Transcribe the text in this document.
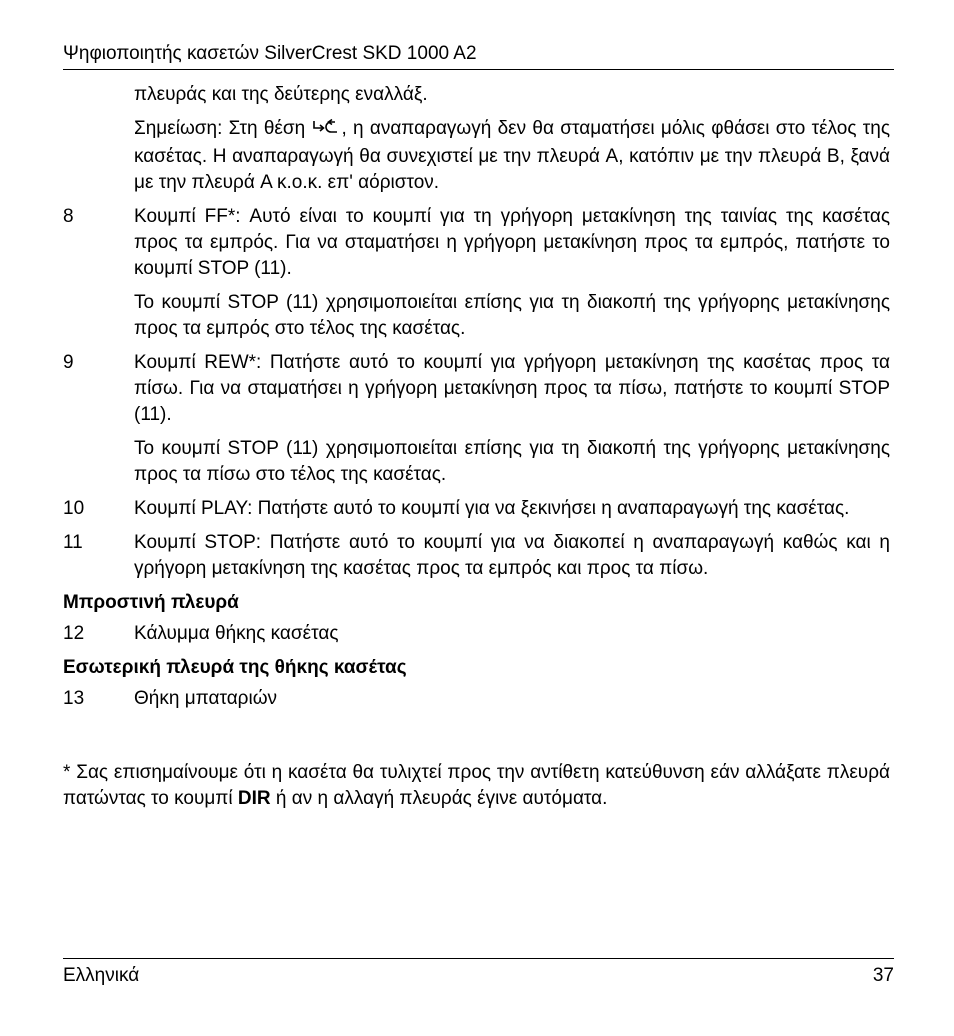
Ψηφιοποιητής κασετών SilverCrest SKD 1000 A2
πλευράς και της δεύτερης εναλλάξ.
Σημείωση: Στη θέση , η αναπαραγωγή δεν θα σταματήσει μόλις φθάσει στο τέλος της κασέτας. Η αναπαραγωγή θα συνεχιστεί με την πλευρά A, κατόπιν με την πλευρά B, ξανά με την πλευρά A κ.ο.κ. επ' αόριστον.
8	Κουμπί FF*: Αυτό είναι το κουμπί για τη γρήγορη μετακίνηση της ταινίας της κασέτας προς τα εμπρός. Για να σταματήσει η γρήγορη μετακίνηση προς τα εμπρός, πατήστε το κουμπί STOP (11).
Το κουμπί STOP (11) χρησιμοποιείται επίσης για τη διακοπή της γρήγορης μετακίνησης προς τα εμπρός στο τέλος της κασέτας.
9	Κουμπί REW*: Πατήστε αυτό το κουμπί για γρήγορη μετακίνηση της κασέτας προς τα πίσω. Για να σταματήσει η γρήγορη μετακίνηση προς τα πίσω, πατήστε το κουμπί STOP (11).
Το κουμπί STOP (11) χρησιμοποιείται επίσης για τη διακοπή της γρήγορης μετακίνησης προς τα πίσω στο τέλος της κασέτας.
10	Κουμπί PLAY: Πατήστε αυτό το κουμπί για να ξεκινήσει η αναπαραγωγή της κασέτας.
11	Κουμπί STOP: Πατήστε αυτό το κουμπί για να διακοπεί η αναπαραγωγή καθώς και η γρήγορη μετακίνηση της κασέτας προς τα εμπρός και προς τα πίσω.
Μπροστινή πλευρά
12	Κάλυμμα θήκης κασέτας
Εσωτερική πλευρά της θήκης κασέτας
13	Θήκη μπαταριών
* Σας επισημαίνουμε ότι η κασέτα θα τυλιχτεί προς την αντίθετη κατεύθυνση εάν αλλάξατε πλευρά πατώντας το κουμπί DIR ή αν η αλλαγή πλευράς έγινε αυτόματα.
Ελληνικά	37
